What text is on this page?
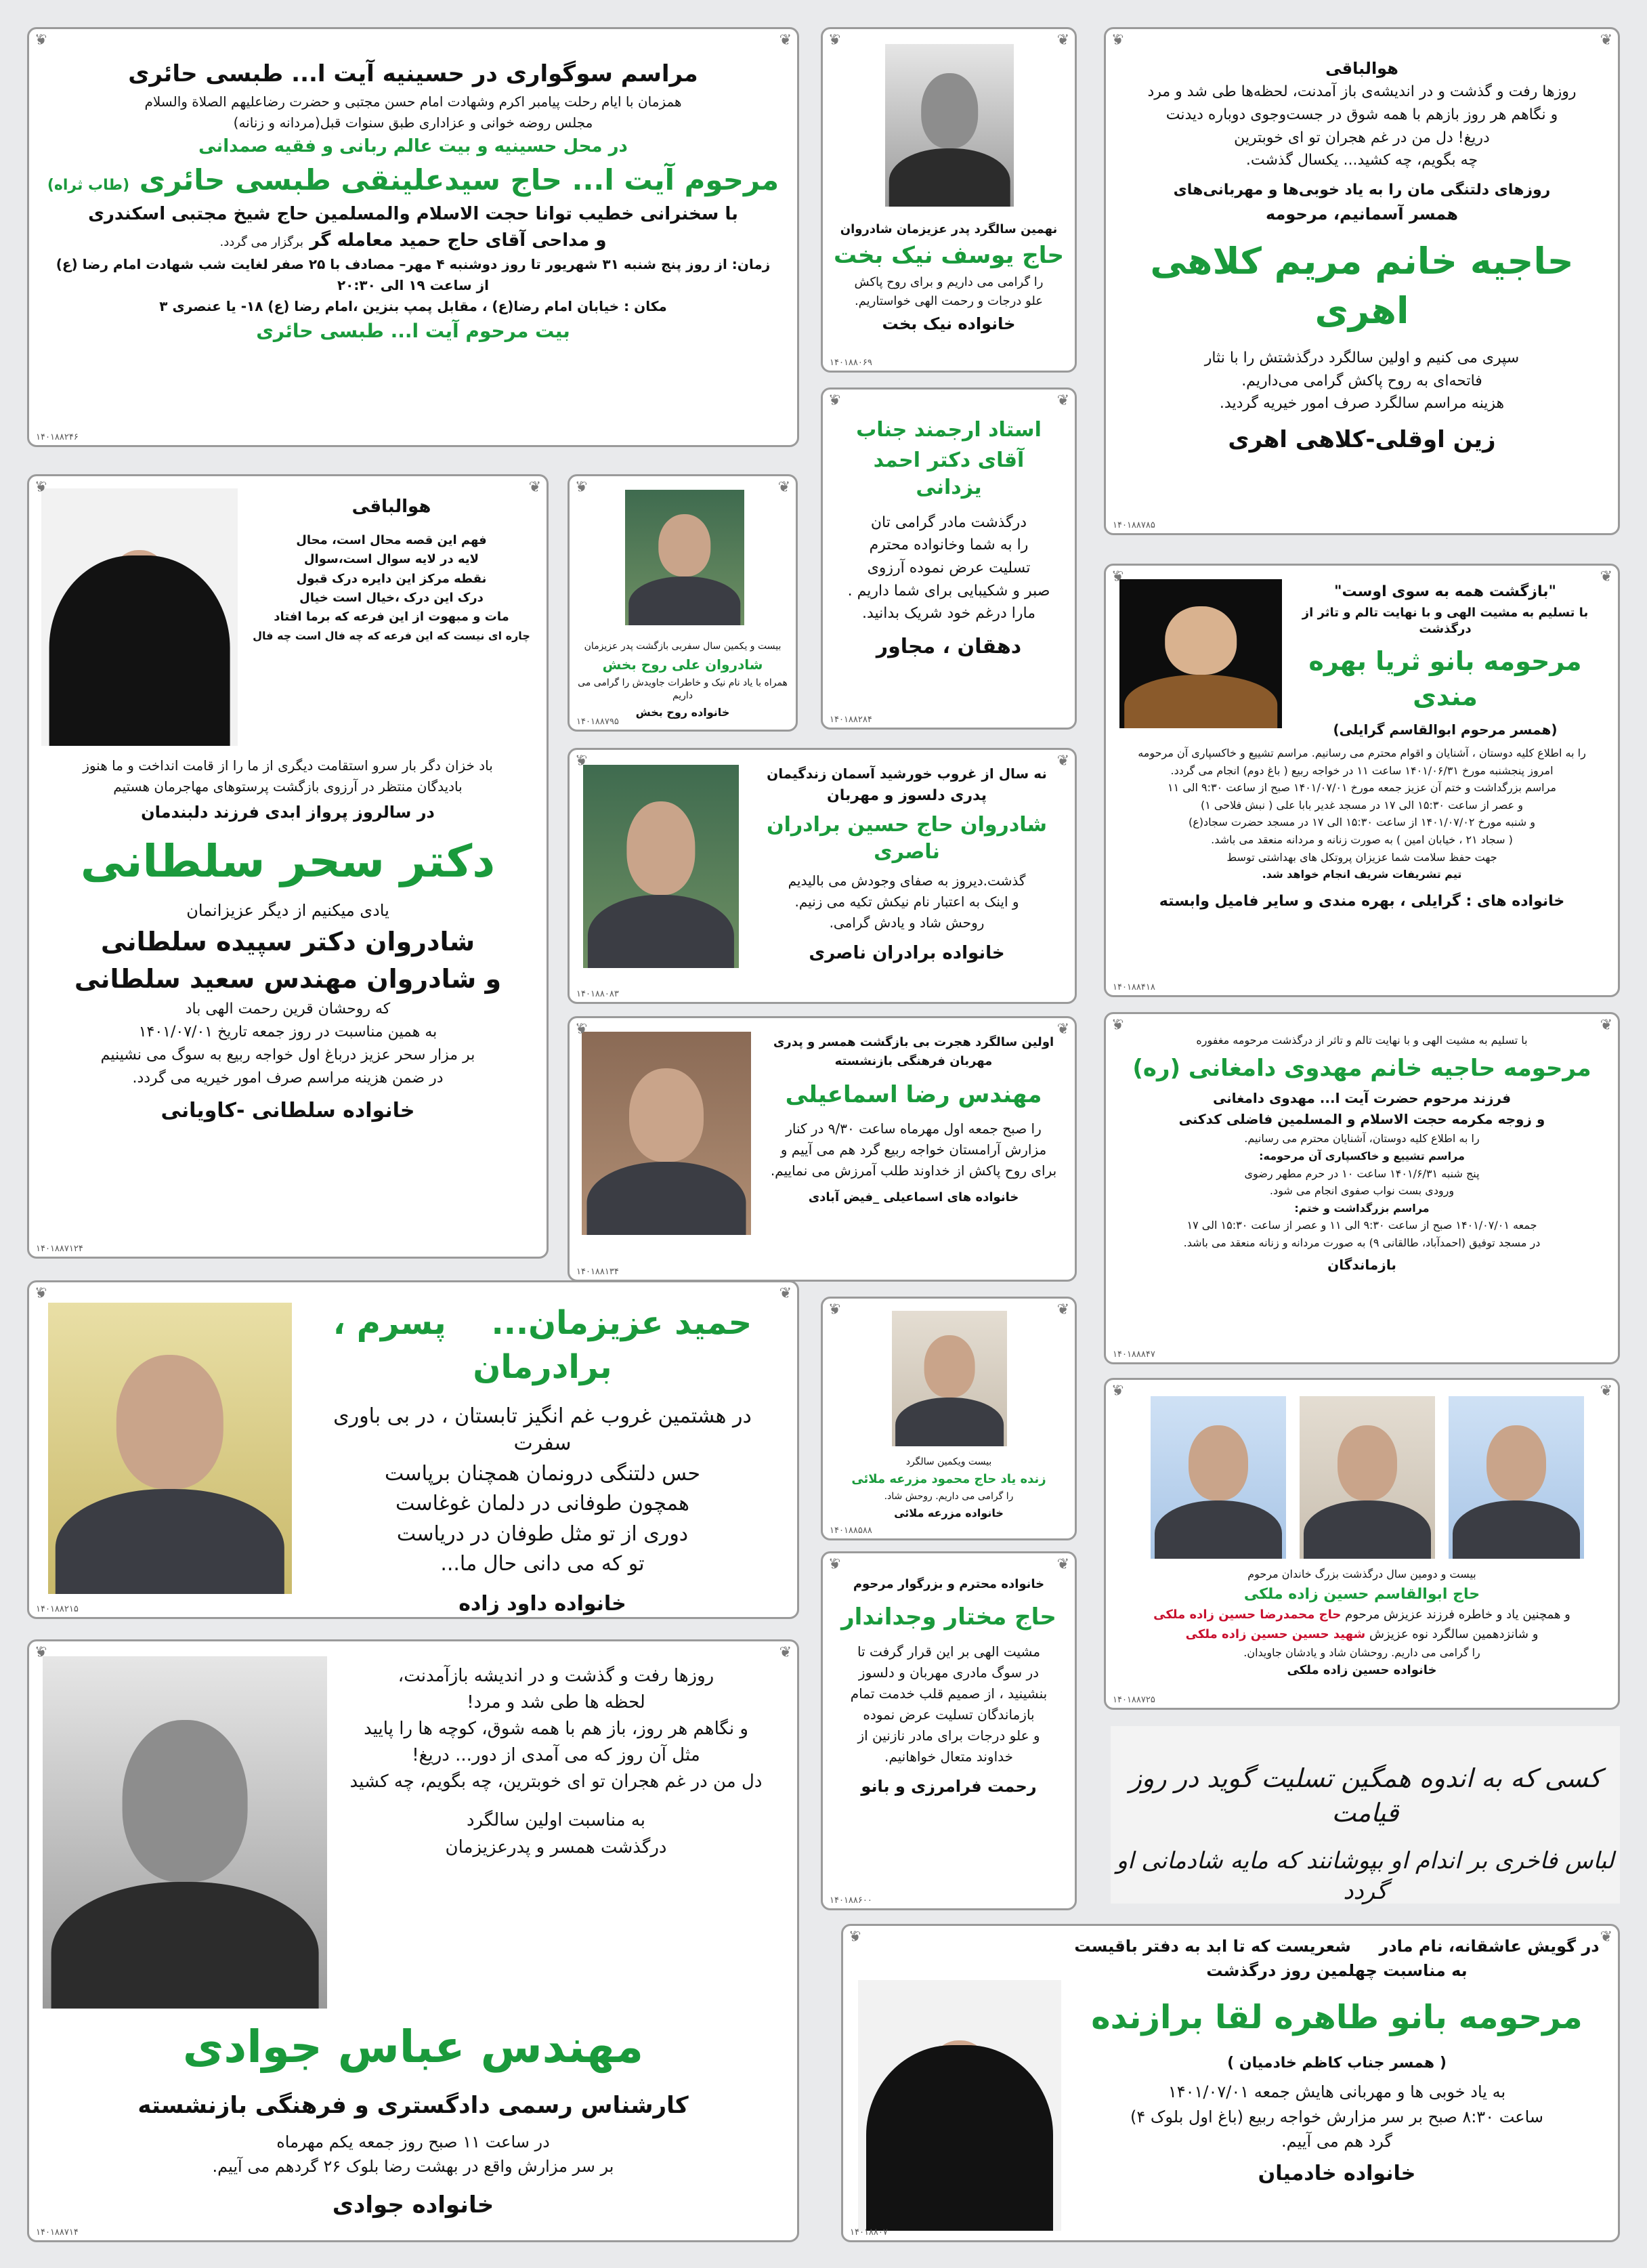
❦ مراسم سوگواری در حسینیه آیت ا... طبسی حائری
همزمان با ایام رحلت پیامبر اکرم وشهادت امام حسن مجتبی و حضرت رضاعلیهم الصلاة والسلام
مجلس روضه خوانی و عزاداری طبق سنوات قبل(مردانه و زنانه)
در محل حسینیه و بیت عالم ربانی و فقیه صمدانی
مرحوم آیت ا... حاج سیدعلینقی طبسی حائری (طاب ثراه)
با سخنرانی خطیب توانا حجت الاسلام والمسلمین حاج شیخ مجتبی اسکندری
و مداحی آقای حاج حمید معامله گر برگزار می گردد.
زمان: از روز پنج شنبه ۳۱ شهریور تا روز دوشنبه ۴ مهر– مصادف با ۲۵ صفر لغایت شب شهادت امام رضا (ع)
از ساعت ۱۹ الی ۲۰:۳۰
مکان : خیابان امام رضا(ع) ، مقابل پمپ بنزین ،امام رضا (ع) ۱۸- یا عنصری ۳
بیت مرحوم آیت ا... طبسی حائری
۱۴۰۱۸۸۲۴۶
❦
❦ نهمین سالگرد پدر عزیزمان شادروان
حاج یوسف نیک بخت
را گرامی می داریم و برای روح پاکش
علو درجات و رحمت الهی خواستاریم.
خانواده نیک بخت
۱۴۰۱۸۸۰۶۹
❦
❦ هوالباقی
روزها رفت و گذشت و در اندیشه‌ی باز آمدنت، لحظه‌ها طی شد و مرد
و نگاهم هر روز بازهم با همه شوق در جست‌وجوی دوباره دیدنت
دریغ! دل من در غم هجران تو ای خوبترین
چه بگویم، چه کشید... یکسال گذشت.
روزهای دلتنگی مان را به یاد خوبی‌ها و مهربانی‌های
همسر آسمانیم، مرحومه
حاجیه خانم مریم کلاهی اهری
سپری می کنیم و اولین سالگرد درگذشتش را با نثار
فاتحه‌ای به روح پاکش گرامی می‌داریم.
هزینه مراسم سالگرد صرف امور خیریه گردید.
زین اوقلی-کلاهی اهری
۱۴۰۱۸۸۷۸۵
❦
❦ استاد ارجمند جناب
آقای دکتر احمد یزدانی
درگذشت مادر گرامی تان
را به شما وخانواده محترم
تسلیت عرض نموده آرزوی
صبر و شکیبایی برای شما داریم .
مارا درغم خود شریک بدانید.
دهقان ، مجاور
۱۴۰۱۸۸۲۸۴
❦
❦ هوالباقی
فهم این قصه محال است، محال
لایه در لایه سوال است،سوال
نقطه مرکز این دایره درک قبول
درک این درک ،خیال است خیال
مات و مبهوت از این فرعه که برما افتاد
چاره ای نیست که این فرعه که چه فال است چه فال
باد خزان دگر بار سرو استقامت دیگری از ما را از قامت انداخت و ما هنوز
بادیدگان منتظر در آرزوی بازگشت پرستوهای مهاجرمان هستیم
در سالروز پرواز ابدی فرزند دلبندمان
دکتر سحر سلطانی
یادی میکنیم از دیگر عزیزانمان
شادروان دکتر سپیده سلطانی
و شادروان مهندس سعید سلطانی
که روحشان قرین رحمت الهی باد
به همین مناسبت در روز جمعه تاریخ ۱۴۰۱/۰۷/۰۱
بر مزار سحر عزیز درباغ اول خواجه ربیع به سوگ می نشینیم
در ضمن هزینه مراسم صرف امور خیریه می گردد.
خانواده سلطانی -کاویانی
۱۴۰۱۸۸۷۱۲۴
❦
❦ بیست و یکمین سال سفربی بازگشت پدر عزیزمان
شادروان علی روح بخش
همراه با یاد نام نیک و خاطرات جاویدش را گرامی می داریم
خانواده روح بخش
۱۴۰۱۸۸۷۹۵
❦
❦ "بازگشت همه به سوی اوست"
با تسلیم به مشیت الهی و با نهایت تالم و تاثر از درگذشت
مرحومه بانو ثریا بهره مندی
(همسر مرحوم ابوالقاسم گرایلی)
را به اطلاع کلیه دوستان ، آشنایان و اقوام محترم می رسانیم. مراسم تشییع و خاکسپاری آن مرحومه
امروز پنجشنبه مورخ ۱۴۰۱/۰۶/۳۱ ساعت ۱۱ در خواجه ربیع ( باغ دوم) انجام می گردد.
مراسم بزرگداشت و ختم آن عزیز جمعه مورخ ۱۴۰۱/۰۷/۰۱ صبح از ساعت ۹:۳۰ الی ۱۱
و عصر از ساعت ۱۵:۳۰ الی ۱۷ در مسجد غدیر بابا علی ( نبش فلاحی ۱)
و شنبه مورخ ۱۴۰۱/۰۷/۰۲ از ساعت ۱۵:۳۰ الی ۱۷ در مسجد حضرت سجاد(ع)
( سجاد ۲۱ ، خیابان امین ) به صورت زنانه و مردانه منعقد می باشد.
جهت حفظ سلامت شما عزیزان پروتکل های بهداشتی توسط
تیم تشریفات شریف انجام خواهد شد.
خانواده های : گرایلی ، بهره مندی و سایر فامیل وابسته
۱۴۰۱۸۸۴۱۸
❦
❦ نه سال از غروب خورشید آسمان زندگیمان
پدری دلسوز و مهربان
شادروان حاج حسین برادران ناصری
گذشت.دیروز به صفای وجودش می بالیدیم
و اینک به اعتبار نام نیکش تکیه می زنیم.
روحش شاد و یادش گرامی.
خانواده برادران ناصری
۱۴۰۱۸۸۰۸۳
❦
❦ با تسلیم به مشیت الهی و با نهایت تالم و تاثر از درگذشت مرحومه مغفوره
مرحومه حاجیه خانم مهدوی دامغانی (ره)
فرزند مرحوم حضرت آیت ا... مهدوی دامغانی
و زوجه مکرمه حجت الاسلام و المسلمین فاضلی کدکنی
را به اطلاع کلیه دوستان، آشنایان محترم می رسانیم.
مراسم تشییع و خاکسپاری آن مرحومه:
پنج شنبه ۱۴۰۱/۶/۳۱ ساعت ۱۰ در حرم مطهر رضوی
ورودی بست نواب صفوی انجام می شود.
مراسم بزرگداشت و ختم:
جمعه ۱۴۰۱/۰۷/۰۱ صبح از ساعت ۹:۳۰ الی ۱۱ و عصر از ساعت ۱۵:۳۰ الی ۱۷
در مسجد توفیق (احمدآباد، طالقانی ۹) به صورت مردانه و زنانه منعقد می باشد.
بازماندگان
۱۴۰۱۸۸۸۴۷
❦
❦ اولین سالگرد هجرت بی بازگشت همسر و پدری
مهربان فرهنگی بازنشسته
مهندس رضا اسماعیلی
را صبح جمعه اول مهرماه ساعت ۹/۳۰ در کنار
مزارش آرامستان خواجه ربیع گرد هم می آییم و
برای روح پاکش از خداوند طلب آمرزش می نماییم.
خانواده های اسماعیلی _فیض آبادی
۱۴۰۱۸۸۱۳۴
❦
❦ حمید عزیزمان...    پسرم ، برادرمان
در هشتمین غروب غم انگیز تابستان ، در بی باوری سفرت
حس دلتنگی درونمان همچنان برپاست
همچون طوفانی در دلمان غوغاست
دوری از تو مثل طوفان در دریاست
تو که می دانی حال ما...
خانواده داود زاده
۱۴۰۱۸۸۲۱۵
❦
❦ بیست ویکمین سالگرد
زنده یاد حاج محمود مزرعه ملائی
را گرامی می داریم. روحش شاد.
خانواده مزرعه ملائی
۱۴۰۱۸۸۵۸۸
❦
❦ بیست و دومین سال درگذشت بزرگ خاندان مرحوم
حاج ابوالقاسم حسین زاده ملکی
و همچنین یاد و خاطره فرزند عزیزش مرحوم حاج محمدرضا حسین زاده ملکی
و شانزدهمین سالگرد نوه عزیزش شهید حسین حسین زاده ملکی
را گرامی می داریم. روحشان شاد و یادشان جاویدان.
خانواده حسین زاده ملکی
۱۴۰۱۸۸۷۲۵
❦
❦ خانواده محترم و بزرگوار مرحوم
حاج مختار وجداندار
مشیت الهی بر این قرار گرفت تا
در سوگ مادری مهربان و دلسوز
بنشینید ، از صمیم قلب خدمت تمام
بازماندگان تسلیت عرض نموده
و علو درجات برای مادر نازنین از
خداوند متعال خواهانیم.
رحمت فرامرزی و بانو
۱۴۰۱۸۸۶۰۰
❦
کسی که به اندوه همگین تسلیت گوید در روز قیامت
لباس فاخری بر اندام او بپوشانند که مایه شادمانی او گردد
❦ روزها رفت و گذشت و در اندیشه بازآمدنت،
لحظه ها طی شد و مرد!
و نگاهم هر روز، باز هم با همه شوق، کوچه ها را پایید
مثل آن روز که می آمدی از دور... دریغ!
دل من در غم هجران تو ای خوبترین، چه بگویم، چه کشید
به مناسبت اولین سالگرد
درگذشت همسر و پدرعزیزمان
مهندس عباس جوادی
کارشناس رسمی دادگستری و فرهنگی بازنشسته
در ساعت ۱۱ صبح روز جمعه یکم مهرماه
بر سر مزارش واقع در بهشت رضا بلوک ۲۶ گردهم می آییم.
خانواده جوادی
۱۴۰۱۸۸۷۱۴
❦
❦ در گویش عاشقانه، نام مادر     شعریست که تا ابد به دفتر باقیست
به مناسبت چهلمین روز درگذشت
مرحومه بانو طاهره لقا برازنده
( همسر جناب کاظم خادمیان )
به یاد خوبی ها و مهربانی هایش جمعه ۱۴۰۱/۰۷/۰۱
ساعت ۸:۳۰ صبح بر سر مزارش خواجه ربیع (باغ اول بلوک ۴)
گرد هم می آییم.
خانواده خادمیان
۱۴۰۱۸۸۰۷
❦
